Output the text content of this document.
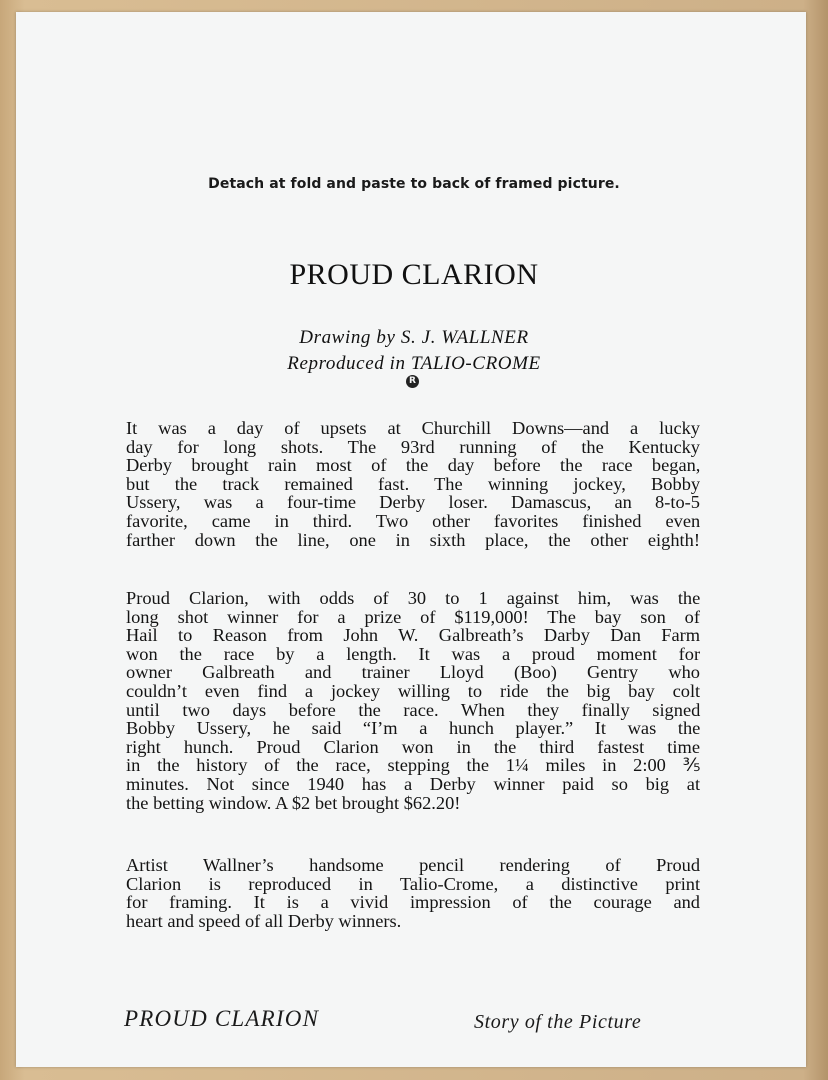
Detach at fold and paste to back of framed picture.
PROUD CLARION
Drawing by S. J. WALLNER
Reproduced in TALIO-CROME
R
It was a day of upsets at Churchill Downs—and a lucky
day for long shots. The 93rd running of the Kentucky
Derby brought rain most of the day before the race began,
but the track remained fast. The winning jockey, Bobby
Ussery, was a four-time Derby loser. Damascus, an 8-to-5
favorite, came in third. Two other favorites finished even
farther down the line, one in sixth place, the other eighth!
Proud Clarion, with odds of 30 to 1 against him, was the
long shot winner for a prize of $119,000! The bay son of
Hail to Reason from John W. Galbreath’s Darby Dan Farm
won the race by a length. It was a proud moment for
owner Galbreath and trainer Lloyd (Boo) Gentry who
couldn’t even find a jockey willing to ride the big bay colt
until two days before the race. When they finally signed
Bobby Ussery, he said “I’m a hunch player.” It was the
right hunch. Proud Clarion won in the third fastest time
in the history of the race, stepping the 1¼ miles in 2:00 ⅗
minutes. Not since 1940 has a Derby winner paid so big at
the betting window. A $2 bet brought $62.20!
Artist Wallner’s handsome pencil rendering of Proud
Clarion is reproduced in Talio-Crome, a distinctive print
for framing. It is a vivid impression of the courage and
heart and speed of all Derby winners.
PROUD CLARION	Story of the Picture
